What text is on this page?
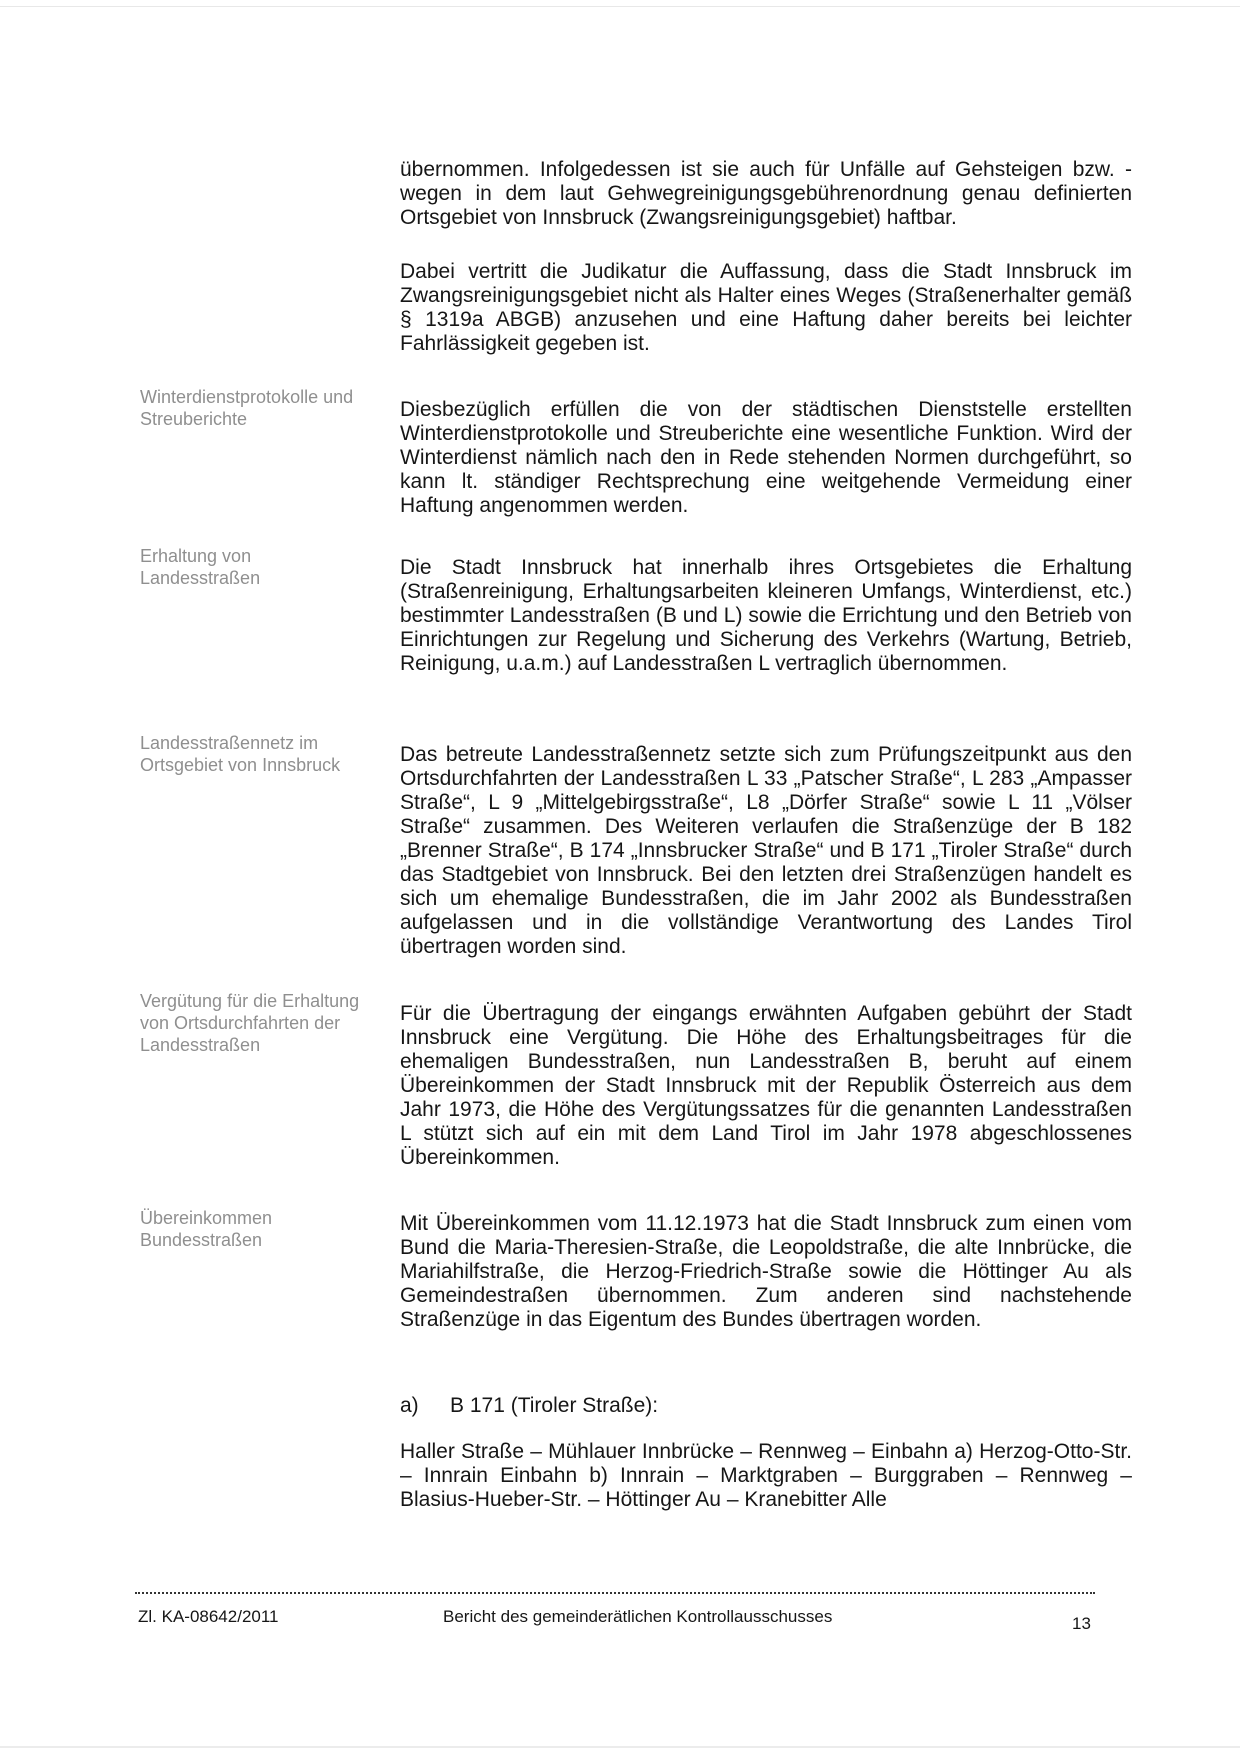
Winterdienstprotokolle und Streuberichte
Erhaltung von Landesstraßen
Landesstraßennetz im Ortsgebiet von Innsbruck
Vergütung für die Erhaltung von Ortsdurchfahrten der Landesstraßen
Übereinkommen Bundesstraßen

übernommen. Infolgedessen ist sie auch für Unfälle auf Gehsteigen bzw. -wegen in dem laut Gehwegreinigungsgebührenordnung genau definierten Ortsgebiet von Innsbruck (Zwangsreinigungsgebiet) haftbar.

Dabei vertritt die Judikatur die Auffassung, dass die Stadt Innsbruck im Zwangsreinigungsgebiet nicht als Halter eines Weges (Straßenerhalter gemäß § 1319a ABGB) anzusehen und eine Haftung daher bereits bei leichter Fahrlässigkeit gegeben ist.

Diesbezüglich erfüllen die von der städtischen Dienststelle erstellten Winterdienstprotokolle und Streuberichte eine wesentliche Funktion. Wird der Winterdienst nämlich nach den in Rede stehenden Normen durchgeführt, so kann lt. ständiger Rechtsprechung eine weitgehende Vermeidung einer Haftung angenommen werden.

Die Stadt Innsbruck hat innerhalb ihres Ortsgebietes die Erhaltung (Straßenreinigung, Erhaltungsarbeiten kleineren Umfangs, Winterdienst, etc.) bestimmter Landesstraßen (B und L) sowie die Errichtung und den Betrieb von Einrichtungen zur Regelung und Sicherung des Verkehrs (Wartung, Betrieb, Reinigung, u.a.m.) auf Landesstraßen L vertraglich übernommen.

Das betreute Landesstraßennetz setzte sich zum Prüfungszeitpunkt aus den Ortsdurchfahrten der Landesstraßen L 33 „Patscher Straße“, L 283 „Ampasser Straße“, L 9 „Mittelgebirgsstraße“, L8 „Dörfer Straße“ sowie L 11 „Völser Straße“ zusammen. Des Weiteren verlaufen die Straßenzüge der B 182 „Brenner Straße“, B 174 „Innsbrucker Straße“ und B 171 „Tiroler Straße“ durch das Stadtgebiet von Innsbruck. Bei den letzten drei Straßenzügen handelt es sich um ehemalige Bundesstraßen, die im Jahr 2002 als Bundesstraßen aufgelassen und in die vollständige Verantwortung des Landes Tirol übertragen worden sind.

Für die Übertragung der eingangs erwähnten Aufgaben gebührt der Stadt Innsbruck eine Vergütung. Die Höhe des Erhaltungsbeitrages für die ehemaligen Bundesstraßen, nun Landesstraßen B, beruht auf einem Übereinkommen der Stadt Innsbruck mit der Republik Österreich aus dem Jahr 1973, die Höhe des Vergütungssatzes für die genannten Landesstraßen L stützt sich auf ein mit dem Land Tirol im Jahr 1978 abgeschlossenes Übereinkommen.

Mit Übereinkommen vom 11.12.1973 hat die Stadt Innsbruck zum einen vom Bund die Maria-Theresien-Straße, die Leopoldstraße, die alte Innbrücke, die Mariahilfstraße, die Herzog-Friedrich-Straße sowie die Höttinger Au als Gemeindestraßen übernommen. Zum anderen sind nachstehende Straßenzüge in das Eigentum des Bundes übertragen worden.

a) B 171 (Tiroler Straße):

Haller Straße – Mühlauer Innbrücke – Rennweg – Einbahn a) Herzog-Otto-Str. – Innrain Einbahn b) Innrain – Marktgraben – Burggraben – Rennweg – Blasius-Hueber-Str. – Höttinger Au – Kranebitter Alle

Zl. KA-08642/2011	Bericht des gemeinderätlichen Kontrollausschusses	13
